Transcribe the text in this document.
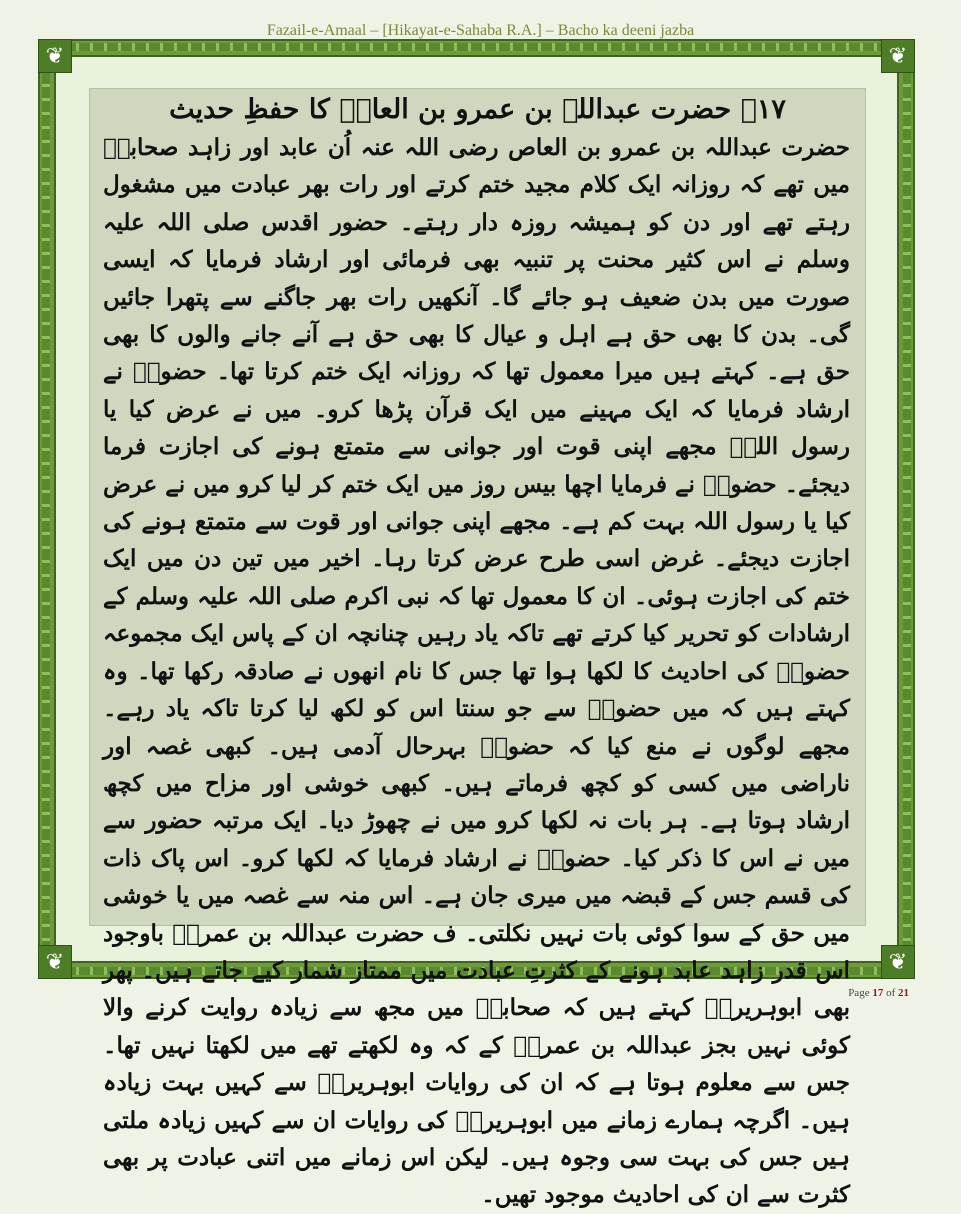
Fazail-e-Amaal – [Hikayat-e-Sahaba R.A.] – Bacho ka deeni jazba
❦	❦
❦	❦
۱۷۔ حضرت عبداللہ بن عمرو بن العاصؓ کا حفظِ حدیث
حضرت عبداللہ بن عمرو بن العاص رضی اللہ عنہ اُن عابد اور زاہد صحابہؓ میں تھے کہ روزانہ ایک کلام مجید ختم کرتے اور رات بھر عبادت میں مشغول رہتے تھے اور دن کو ہمیشہ روزہ دار رہتے۔ حضور اقدس صلی اللہ علیہ وسلم نے اس کثیر محنت پر تنبیہ بھی فرمائی اور ارشاد فرمایا کہ ایسی صورت میں بدن ضعیف ہو جائے گا۔ آنکھیں رات بھر جاگنے سے پتھرا جائیں گی۔ بدن کا بھی حق ہے اہل و عیال کا بھی حق ہے آنے جانے والوں کا بھی حق ہے۔ کہتے ہیں میرا معمول تھا کہ روزانہ ایک ختم کرتا تھا۔ حضورؐ نے ارشاد فرمایا کہ ایک مہینے میں ایک قرآن پڑھا کرو۔ میں نے عرض کیا یا رسول اللہؐ مجھے اپنی قوت اور جوانی سے متمتع ہونے کی اجازت فرما دیجئے۔ حضورؐ نے فرمایا اچھا بیس روز میں ایک ختم کر لیا کرو میں نے عرض کیا یا رسول اللہ بہت کم ہے۔ مجھے اپنی جوانی اور قوت سے متمتع ہونے کی اجازت دیجئے۔ غرض اسی طرح عرض کرتا رہا۔ اخیر میں تین دن میں ایک ختم کی اجازت ہوئی۔ ان کا معمول تھا کہ نبی اکرم صلی اللہ علیہ وسلم کے ارشادات کو تحریر کیا کرتے تھے تاکہ یاد رہیں چنانچہ ان کے پاس ایک مجموعہ حضورؐ کی احادیث کا لکھا ہوا تھا جس کا نام انھوں نے صادقہ رکھا تھا۔ وہ کہتے ہیں کہ میں حضورؐ سے جو سنتا اس کو لکھ لیا کرتا تاکہ یاد رہے۔ مجھے لوگوں نے منع کیا کہ حضورؐ بہرحال آدمی ہیں۔ کبھی غصہ اور ناراضی میں کسی کو کچھ فرماتے ہیں۔ کبھی خوشی اور مزاح میں کچھ ارشاد ہوتا ہے۔ ہر بات نہ لکھا کرو میں نے چھوڑ دیا۔ ایک مرتبہ حضور سے میں نے اس کا ذکر کیا۔ حضورؐ نے ارشاد فرمایا کہ لکھا کرو۔ اس پاک ذات کی قسم جس کے قبضہ میں میری جان ہے۔ اس منہ سے غصہ میں یا خوشی میں حق کے سوا کوئی بات نہیں نکلتی۔ ف حضرت عبداللہ بن عمروؓ باوجود اس قدر زاہد عابد ہونے کے کثرتِ عبادت میں ممتاز شمار کیے جاتے ہیں۔ پھر بھی ابوہریرہؓ کہتے ہیں کہ صحابہؓ میں مجھ سے زیادہ روایت کرنے والا کوئی نہیں بجز عبداللہ بن عمروؓ کے کہ وہ لکھتے تھے میں لکھتا نہیں تھا۔ جس سے معلوم ہوتا ہے کہ ان کی روایات ابوہریرہؓ سے کہیں بہت زیادہ ہیں۔ اگرچہ ہمارے زمانے میں ابوہریرہؓ کی روایات ان سے کہیں زیادہ ملتی ہیں جس کی بہت سی وجوہ ہیں۔ لیکن اس زمانے میں اتنی عبادت پر بھی کثرت سے ان کی احادیث موجود تھیں۔
Page 17 of 21
